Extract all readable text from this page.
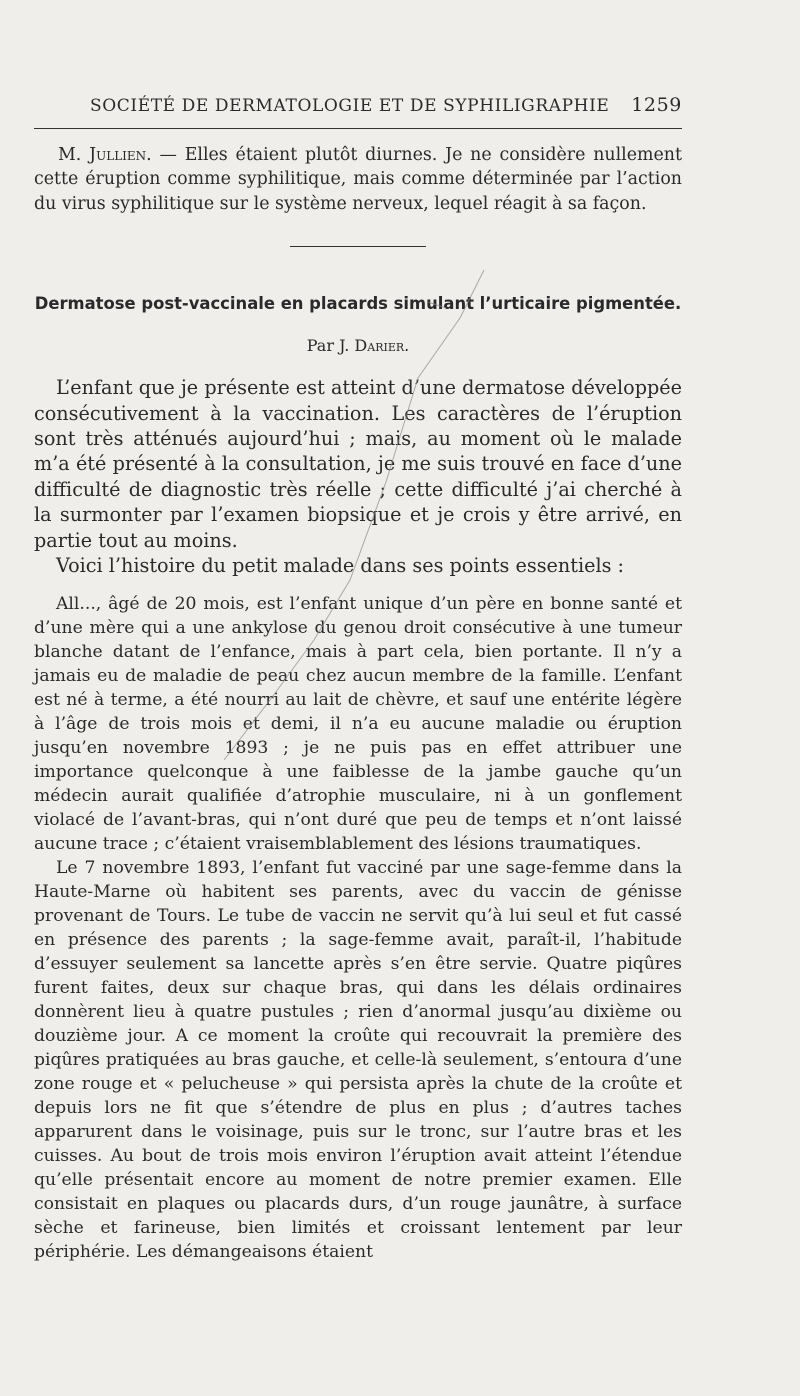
SOCIÉTÉ DE DERMATOLOGIE ET DE SYPHILIGRAPHIE 1259

M. Jullien. — Elles étaient plutôt diurnes. Je ne considère nullement cette éruption comme syphilitique, mais comme déterminée par l’action du virus syphilitique sur le système nerveux, lequel réagit à sa façon.

Dermatose post-vaccinale en placards simulant l’urticaire pigmentée.
Par J. Darier.

L’enfant que je présente est atteint d’une dermatose développée consécutivement à la vaccination. Les caractères de l’éruption sont très atténués aujourd’hui ; mais, au moment où le malade m’a été présenté à la consultation, je me suis trouvé en face d’une difficulté de diagnostic très réelle ; cette difficulté j’ai cherché à la surmonter par l’examen biopsique et je crois y être arrivé, en partie tout au moins.

Voici l’histoire du petit malade dans ses points essentiels :

All..., âgé de 20 mois, est l’enfant unique d’un père en bonne santé et d’une mère qui a une ankylose du genou droit consécutive à une tumeur blanche datant de l’enfance, mais à part cela, bien portante. Il n’y a jamais eu de maladie de peau chez aucun membre de la famille. L’enfant est né à terme, a été nourri au lait de chèvre, et sauf une entérite légère à l’âge de trois mois et demi, il n’a eu aucune maladie ou éruption jusqu’en novembre 1893 ; je ne puis pas en effet attribuer une importance quelconque à une faiblesse de la jambe gauche qu’un médecin aurait qualifiée d’atrophie musculaire, ni à un gonflement violacé de l’avant-bras, qui n’ont duré que peu de temps et n’ont laissé aucune trace ; c’étaient vraisemblablement des lésions traumatiques.

Le 7 novembre 1893, l’enfant fut vacciné par une sage-femme dans la Haute-Marne où habitent ses parents, avec du vaccin de génisse provenant de Tours. Le tube de vaccin ne servit qu’à lui seul et fut cassé en présence des parents ; la sage-femme avait, paraît-il, l’habitude d’essuyer seulement sa lancette après s’en être servie. Quatre piqûres furent faites, deux sur chaque bras, qui dans les délais ordinaires donnèrent lieu à quatre pustules ; rien d’anormal jusqu’au dixième ou douzième jour. A ce moment la croûte qui recouvrait la première des piqûres pratiquées au bras gauche, et celle-là seulement, s’entoura d’une zone rouge et « pelucheuse » qui persista après la chute de la croûte et depuis lors ne fit que s’étendre de plus en plus ; d’autres taches apparurent dans le voisinage, puis sur le tronc, sur l’autre bras et les cuisses. Au bout de trois mois environ l’éruption avait atteint l’étendue qu’elle présentait encore au moment de notre premier examen. Elle consistait en plaques ou placards durs, d’un rouge jaunâtre, à surface sèche et farineuse, bien limités et croissant lentement par leur périphérie. Les démangeaisons étaient
